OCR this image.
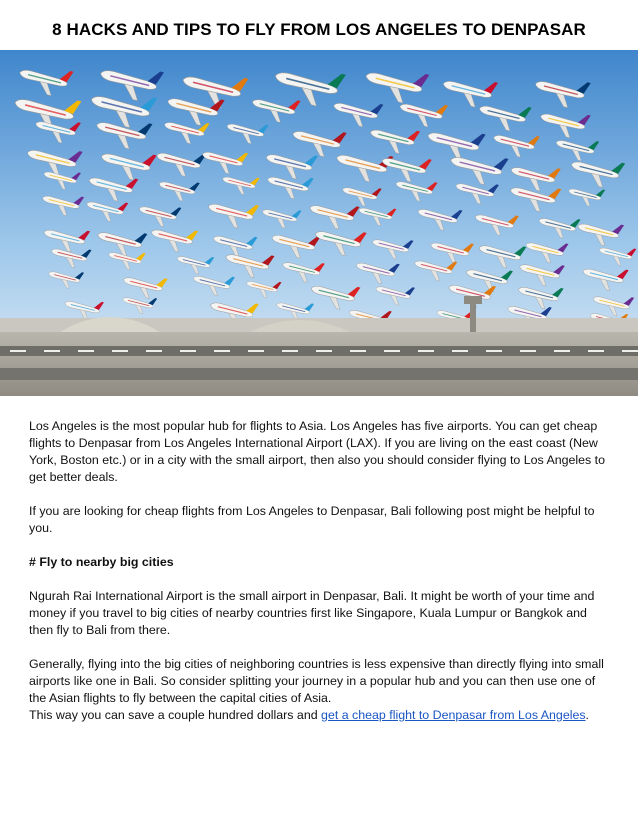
8 HACKS AND TIPS TO FLY FROM LOS ANGELES TO DENPASAR

Los Angeles is the most popular hub for flights to Asia. Los Angeles has five airports. You can get cheap flights to Denpasar from Los Angeles International Airport (LAX). If you are living on the east coast (New York, Boston etc.) or in a city with the small airport, then also you should consider flying to Los Angeles to get better deals.

If you are looking for cheap flights from Los Angeles to Denpasar, Bali following post might be helpful to you.

# Fly to nearby big cities

Ngurah Rai International Airport is the small airport in Denpasar, Bali. It might be worth of your time and money if you travel to big cities of nearby countries first like Singapore, Kuala Lumpur or Bangkok and then fly to Bali from there.

Generally, flying into the big cities of neighboring countries is less expensive than directly flying into small airports like one in Bali. So consider splitting your journey in a popular hub and you can then use one of the Asian flights to fly between the capital cities of Asia.

This way you can save a couple hundred dollars and get a cheap flight to Denpasar from Los Angeles.
